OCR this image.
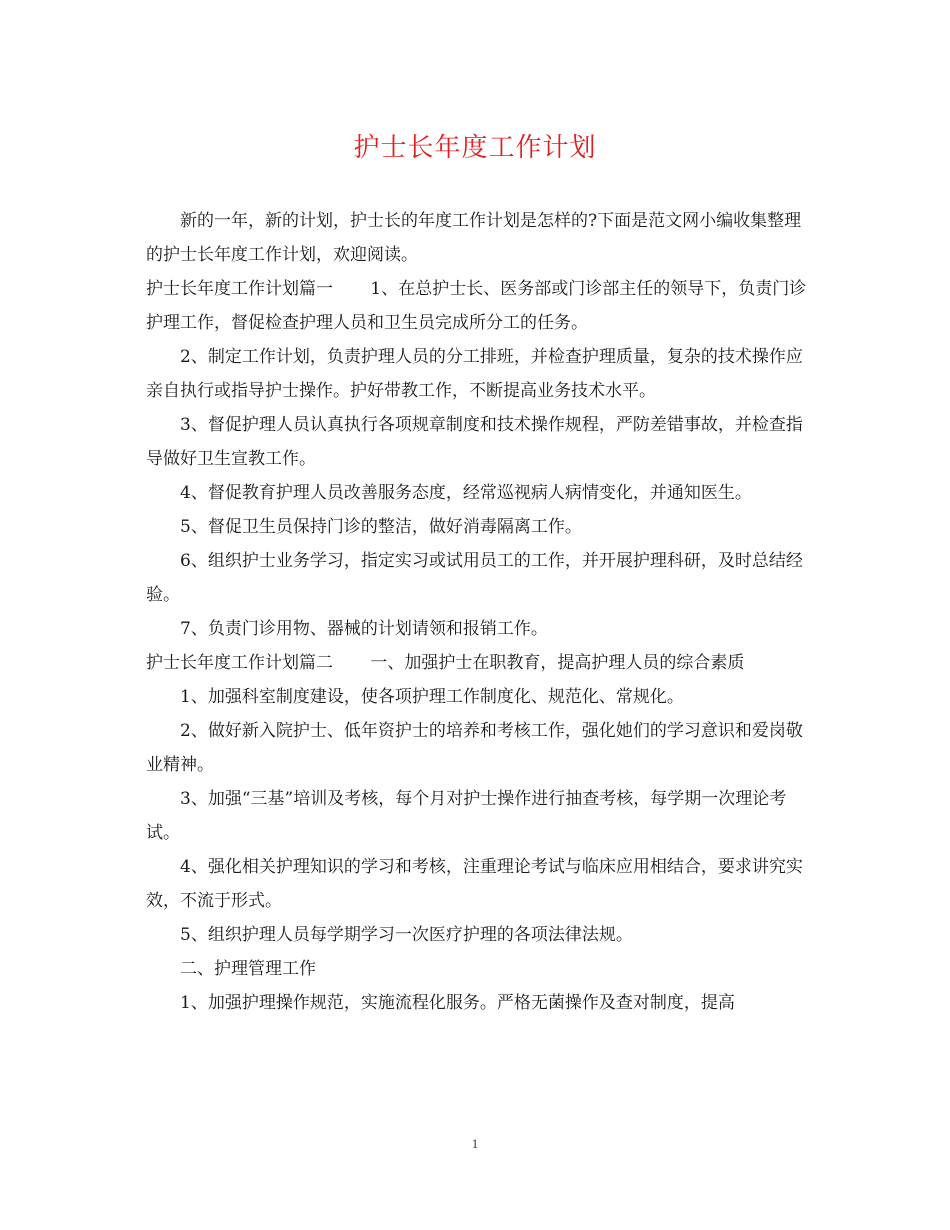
护士长年度工作计划

新的一年，新的计划，护士长的年度工作计划是怎样的?下面是范文网小编收集整理的护士长年度工作计划，欢迎阅读。

护士长年度工作计划篇一 1、在总护士长、医务部或门诊部主任的领导下，负责门诊护理工作，督促检查护理人员和卫生员完成所分工的任务。

2、制定工作计划，负责护理人员的分工排班，并检查护理质量，复杂的技术操作应亲自执行或指导护士操作。护好带教工作，不断提高业务技术水平。

3、督促护理人员认真执行各项规章制度和技术操作规程，严防差错事故，并检查指导做好卫生宣教工作。

4、督促教育护理人员改善服务态度，经常巡视病人病情变化，并通知医生。

5、督促卫生员保持门诊的整洁，做好消毒隔离工作。

6、组织护士业务学习，指定实习或试用员工的工作，并开展护理科研，及时总结经验。

7、负责门诊用物、器械的计划请领和报销工作。

护士长年度工作计划篇二 一、加强护士在职教育，提高护理人员的综合素质

1、加强科室制度建设，使各项护理工作制度化、规范化、常规化。

2、做好新入院护士、低年资护士的培养和考核工作，强化她们的学习意识和爱岗敬业精神。

3、加强“三基”培训及考核，每个月对护士操作进行抽查考核，每学期一次理论考试。

4、强化相关护理知识的学习和考核，注重理论考试与临床应用相结合，要求讲究实效，不流于形式。

5、组织护理人员每学期学习一次医疗护理的各项法律法规。

二、护理管理工作

1、加强护理操作规范，实施流程化服务。严格无菌操作及查对制度，提高

1
